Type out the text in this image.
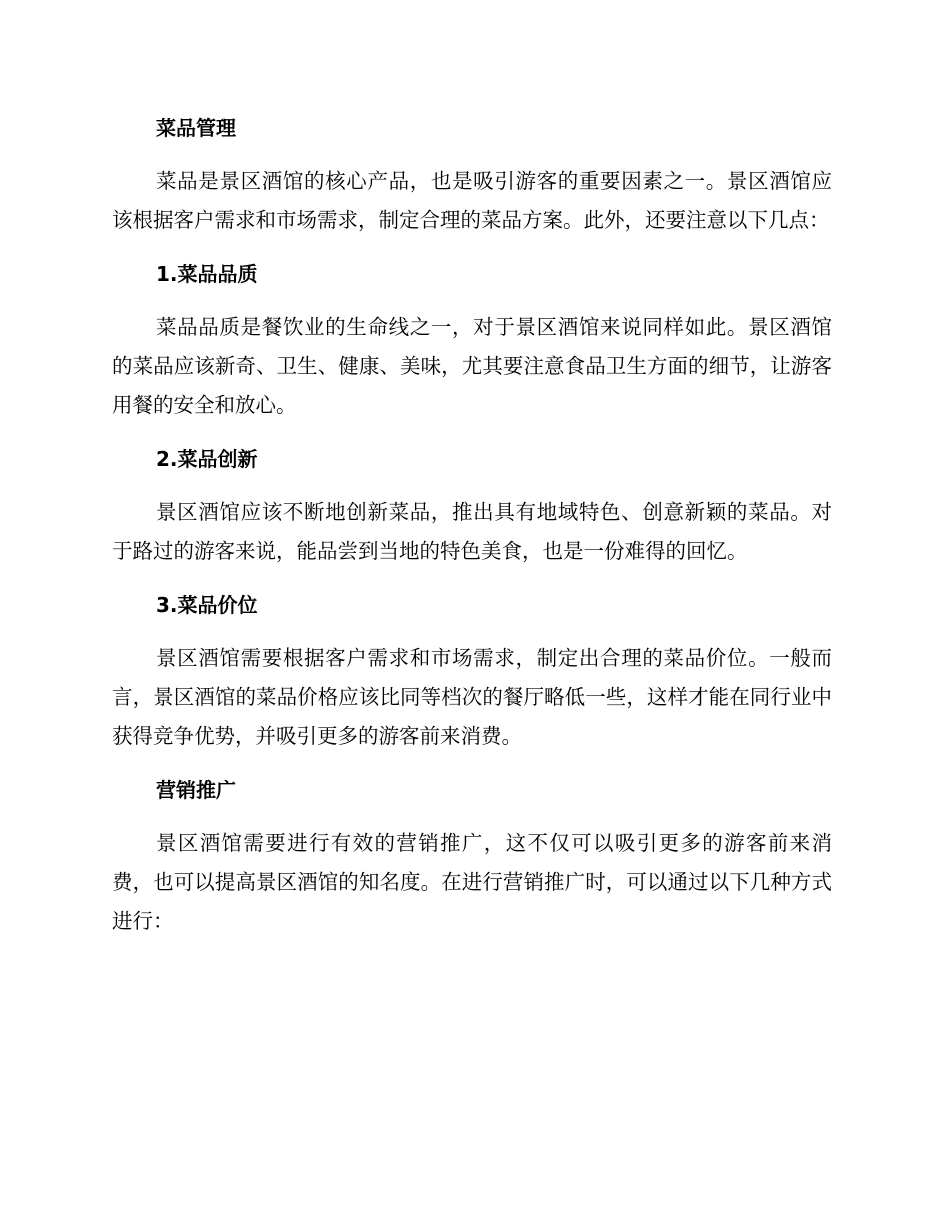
菜品管理

菜品是景区酒馆的核心产品，也是吸引游客的重要因素之一。景区酒馆应该根据客户需求和市场需求，制定合理的菜品方案。此外，还要注意以下几点：

1.菜品品质

菜品品质是餐饮业的生命线之一，对于景区酒馆来说同样如此。景区酒馆的菜品应该新奇、卫生、健康、美味，尤其要注意食品卫生方面的细节，让游客用餐的安全和放心。

2.菜品创新

景区酒馆应该不断地创新菜品，推出具有地域特色、创意新颖的菜品。对于路过的游客来说，能品尝到当地的特色美食，也是一份难得的回忆。

3.菜品价位

景区酒馆需要根据客户需求和市场需求，制定出合理的菜品价位。一般而言，景区酒馆的菜品价格应该比同等档次的餐厅略低一些，这样才能在同行业中获得竞争优势，并吸引更多的游客前来消费。

营销推广

景区酒馆需要进行有效的营销推广，这不仅可以吸引更多的游客前来消费，也可以提高景区酒馆的知名度。在进行营销推广时，可以通过以下几种方式进行：
